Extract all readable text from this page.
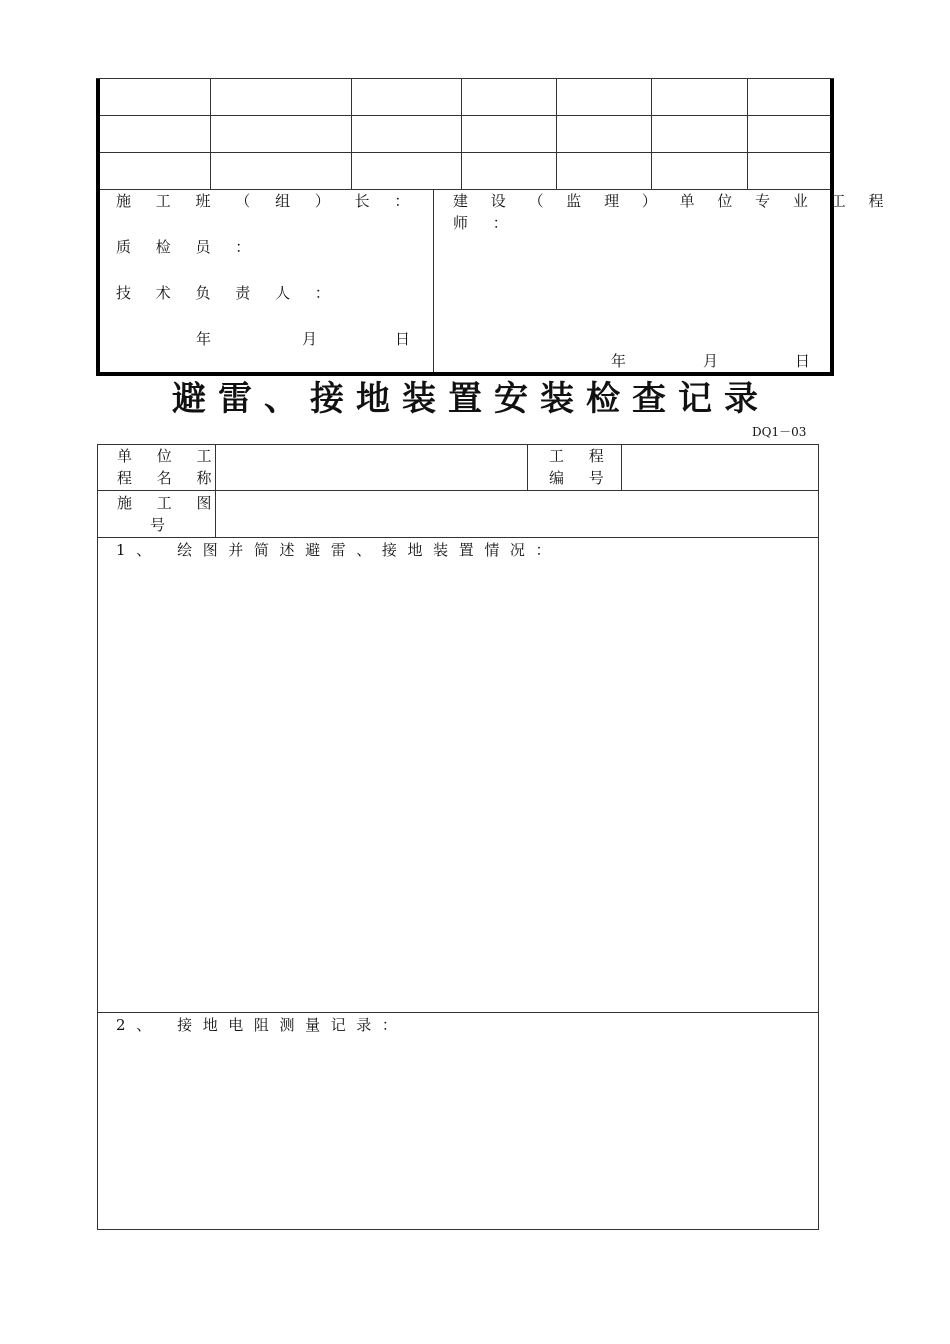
施 工 班 （ 组 ） 长 ：
质 检 员 ：
技 术 负 责 人 ：
年	月	日
建 设 （ 监 理 ） 单 位 专 业 工 程
师 ：
年	月	日
避雷、接地装置安装检查记录
DQ1－03
单 位 工
程 名 称
工 程
编 号
施 工 图
号
1、 绘图并简述避雷、接地装置情况：
2、 接地电阻测量记录：
